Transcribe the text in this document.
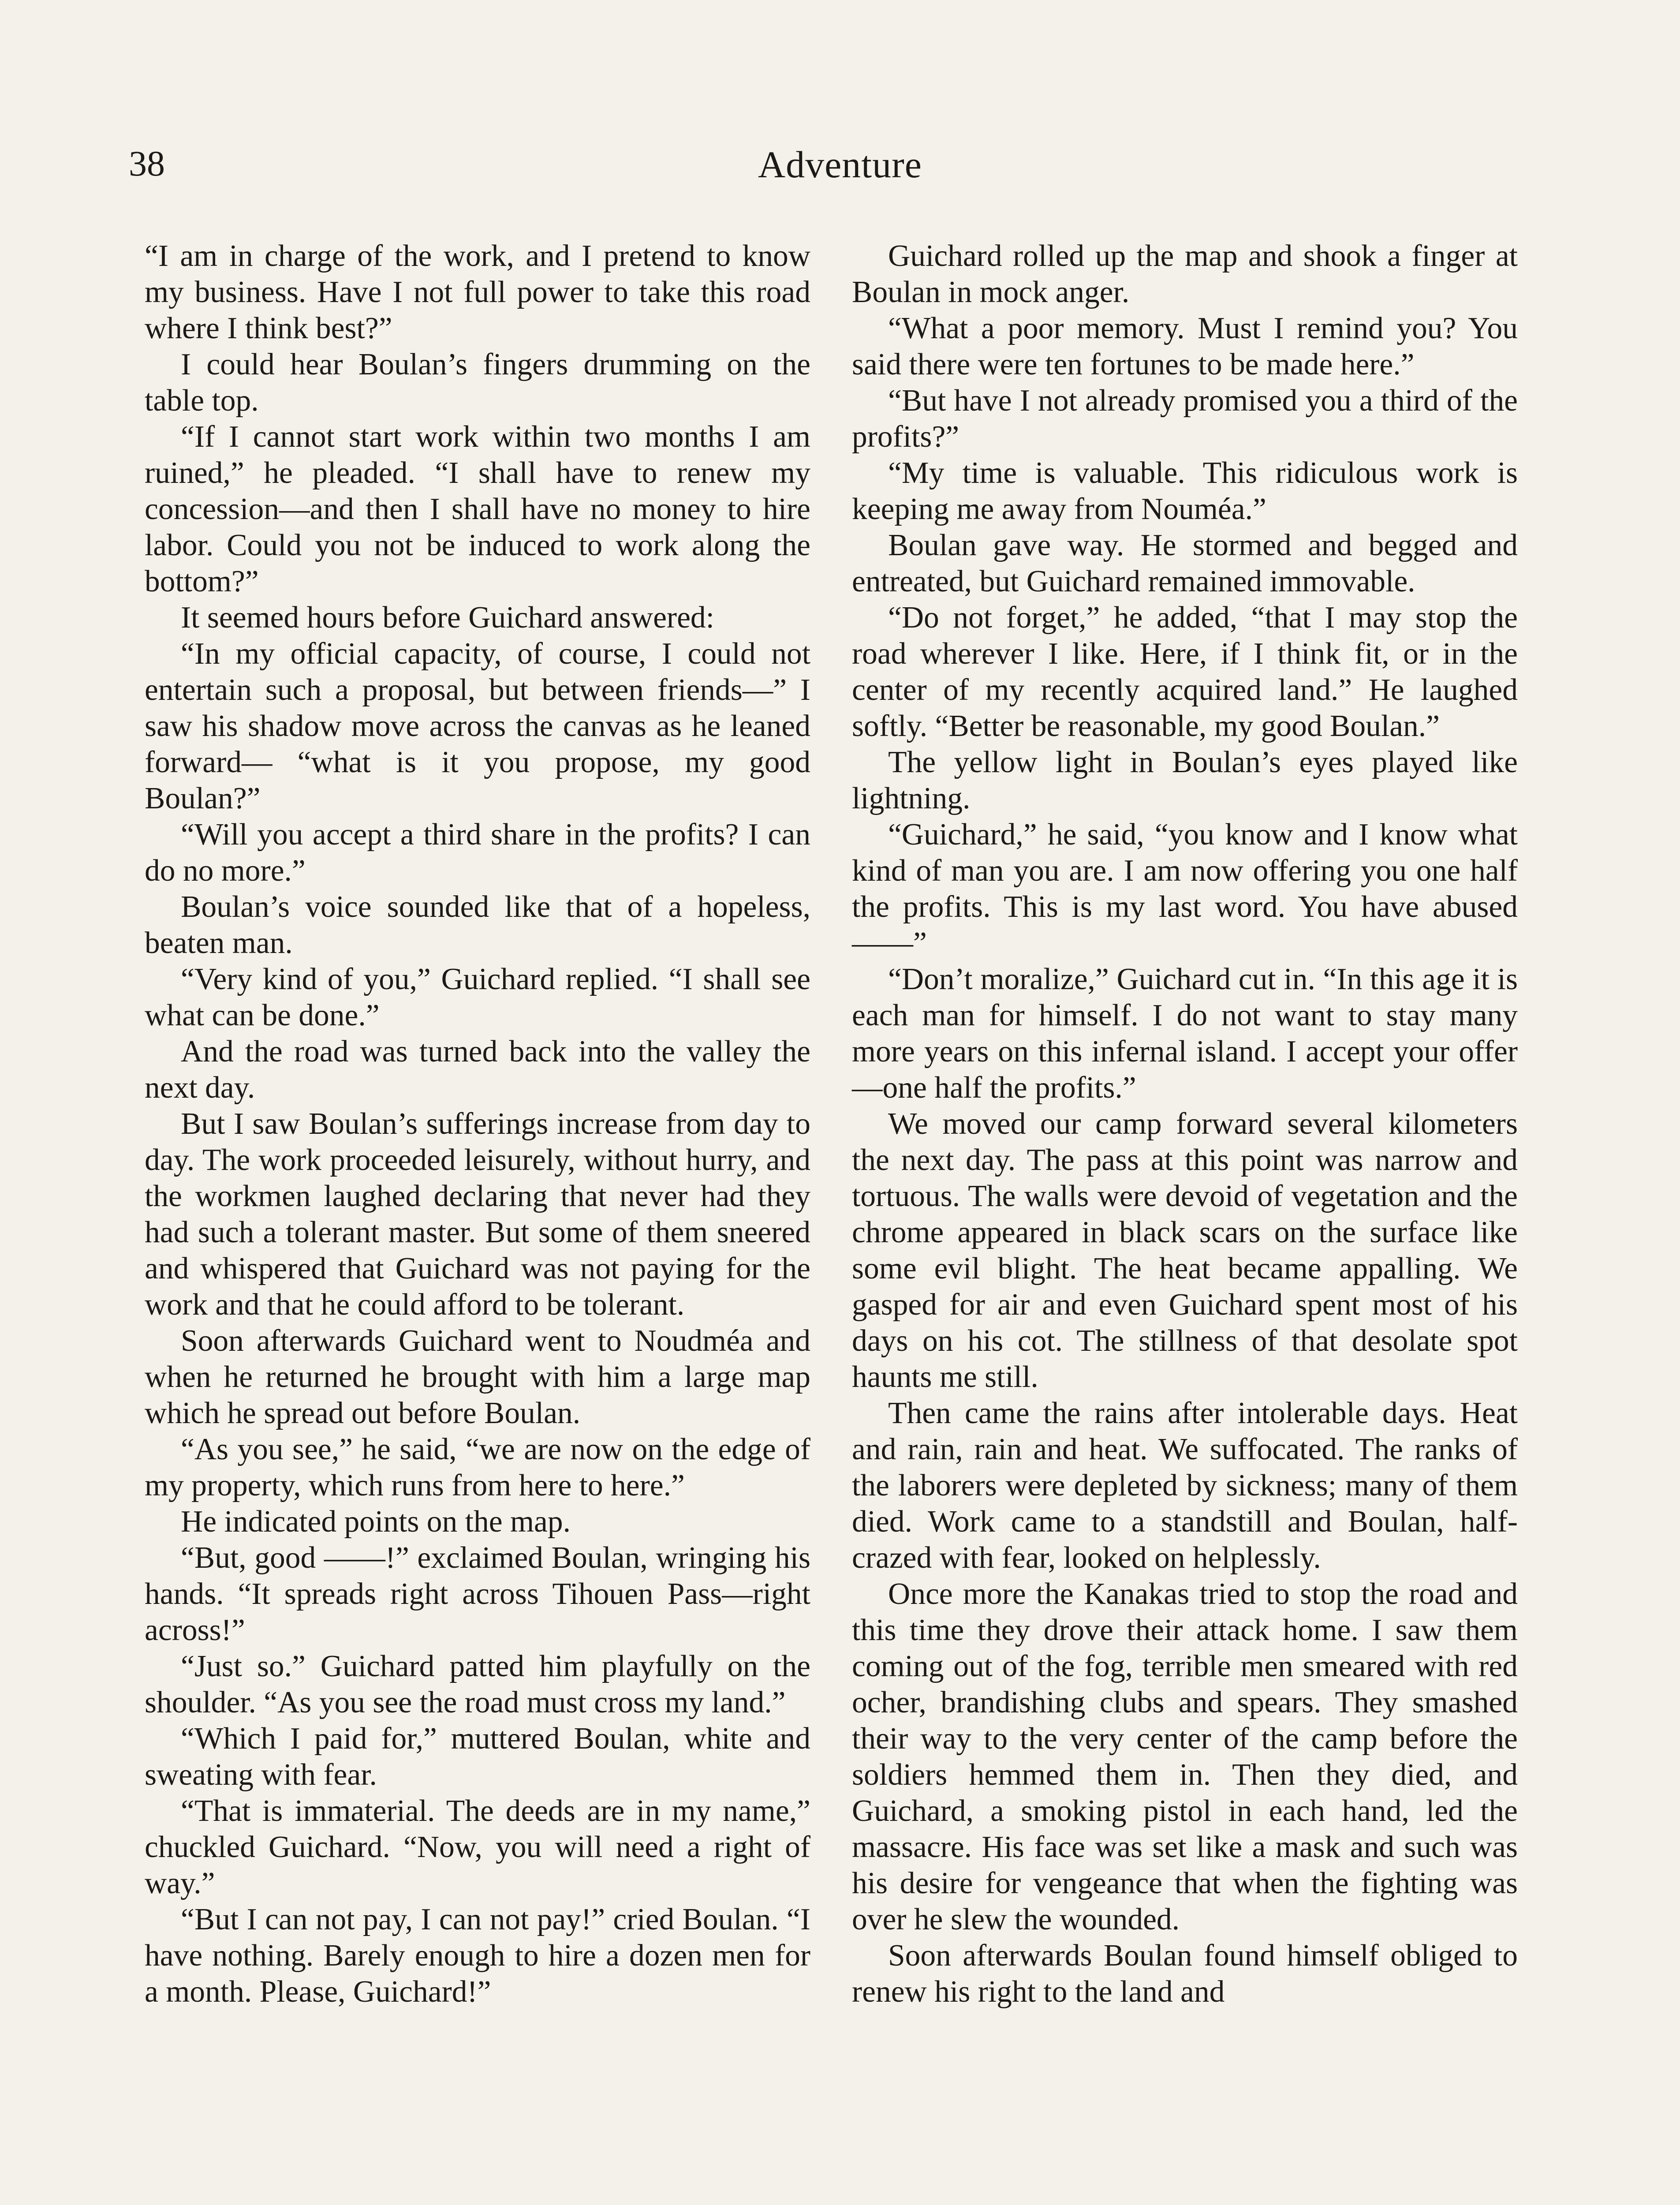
38	Adventure

“I am in charge of the work, and I pretend to know my business. Have I not full power to take this road where I think best?”

I could hear Boulan’s fingers drumming on the table top.

“If I cannot start work within two months I am ruined,” he pleaded. “I shall have to renew my concession—and then I shall have no money to hire labor. Could you not be induced to work along the bottom?”

It seemed hours before Guichard answered:

“In my official capacity, of course, I could not entertain such a proposal, but between friends—” I saw his shadow move across the canvas as he leaned forward— “what is it you propose, my good Boulan?”

“Will you accept a third share in the profits? I can do no more.”

Boulan’s voice sounded like that of a hopeless, beaten man.

“Very kind of you,” Guichard replied. “I shall see what can be done.”

And the road was turned back into the valley the next day.

But I saw Boulan’s sufferings increase from day to day. The work proceeded leisurely, without hurry, and the workmen laughed declaring that never had they had such a tolerant master. But some of them sneered and whispered that Guichard was not paying for the work and that he could afford to be tolerant.

Soon afterwards Guichard went to Noudméa and when he returned he brought with him a large map which he spread out before Boulan.

“As you see,” he said, “we are now on the edge of my property, which runs from here to here.”

He indicated points on the map.

“But, good ——!” exclaimed Boulan, wringing his hands. “It spreads right across Tihouen Pass—right across!”

“Just so.” Guichard patted him playfully on the shoulder. “As you see the road must cross my land.”

“Which I paid for,” muttered Boulan, white and sweating with fear.

“That is immaterial. The deeds are in my name,” chuckled Guichard. “Now, you will need a right of way.”

“But I can not pay, I can not pay!” cried Boulan. “I have nothing. Barely enough to hire a dozen men for a month. Please, Guichard!”

Guichard rolled up the map and shook a finger at Boulan in mock anger.

“What a poor memory. Must I remind you? You said there were ten fortunes to be made here.”

“But have I not already promised you a third of the profits?”

“My time is valuable. This ridiculous work is keeping me away from Nouméa.”

Boulan gave way. He stormed and begged and entreated, but Guichard remained immovable.

“Do not forget,” he added, “that I may stop the road wherever I like. Here, if I think fit, or in the center of my recently acquired land.” He laughed softly. “Better be reasonable, my good Boulan.”

The yellow light in Boulan’s eyes played like lightning.

“Guichard,” he said, “you know and I know what kind of man you are. I am now offering you one half the profits. This is my last word. You have abused——”

“Don’t moralize,” Guichard cut in. “In this age it is each man for himself. I do not want to stay many more years on this infernal island. I accept your offer—one half the profits.”

We moved our camp forward several kilometers the next day. The pass at this point was narrow and tortuous. The walls were devoid of vegetation and the chrome appeared in black scars on the surface like some evil blight. The heat became appalling. We gasped for air and even Guichard spent most of his days on his cot. The stillness of that desolate spot haunts me still.

Then came the rains after intolerable days. Heat and rain, rain and heat. We suffocated. The ranks of the laborers were depleted by sickness; many of them died. Work came to a standstill and Boulan, half-crazed with fear, looked on helplessly.

Once more the Kanakas tried to stop the road and this time they drove their attack home. I saw them coming out of the fog, terrible men smeared with red ocher, brandishing clubs and spears. They smashed their way to the very center of the camp before the soldiers hemmed them in. Then they died, and Guichard, a smoking pistol in each hand, led the massacre. His face was set like a mask and such was his desire for vengeance that when the fighting was over he slew the wounded.

Soon afterwards Boulan found himself obliged to renew his right to the land and
